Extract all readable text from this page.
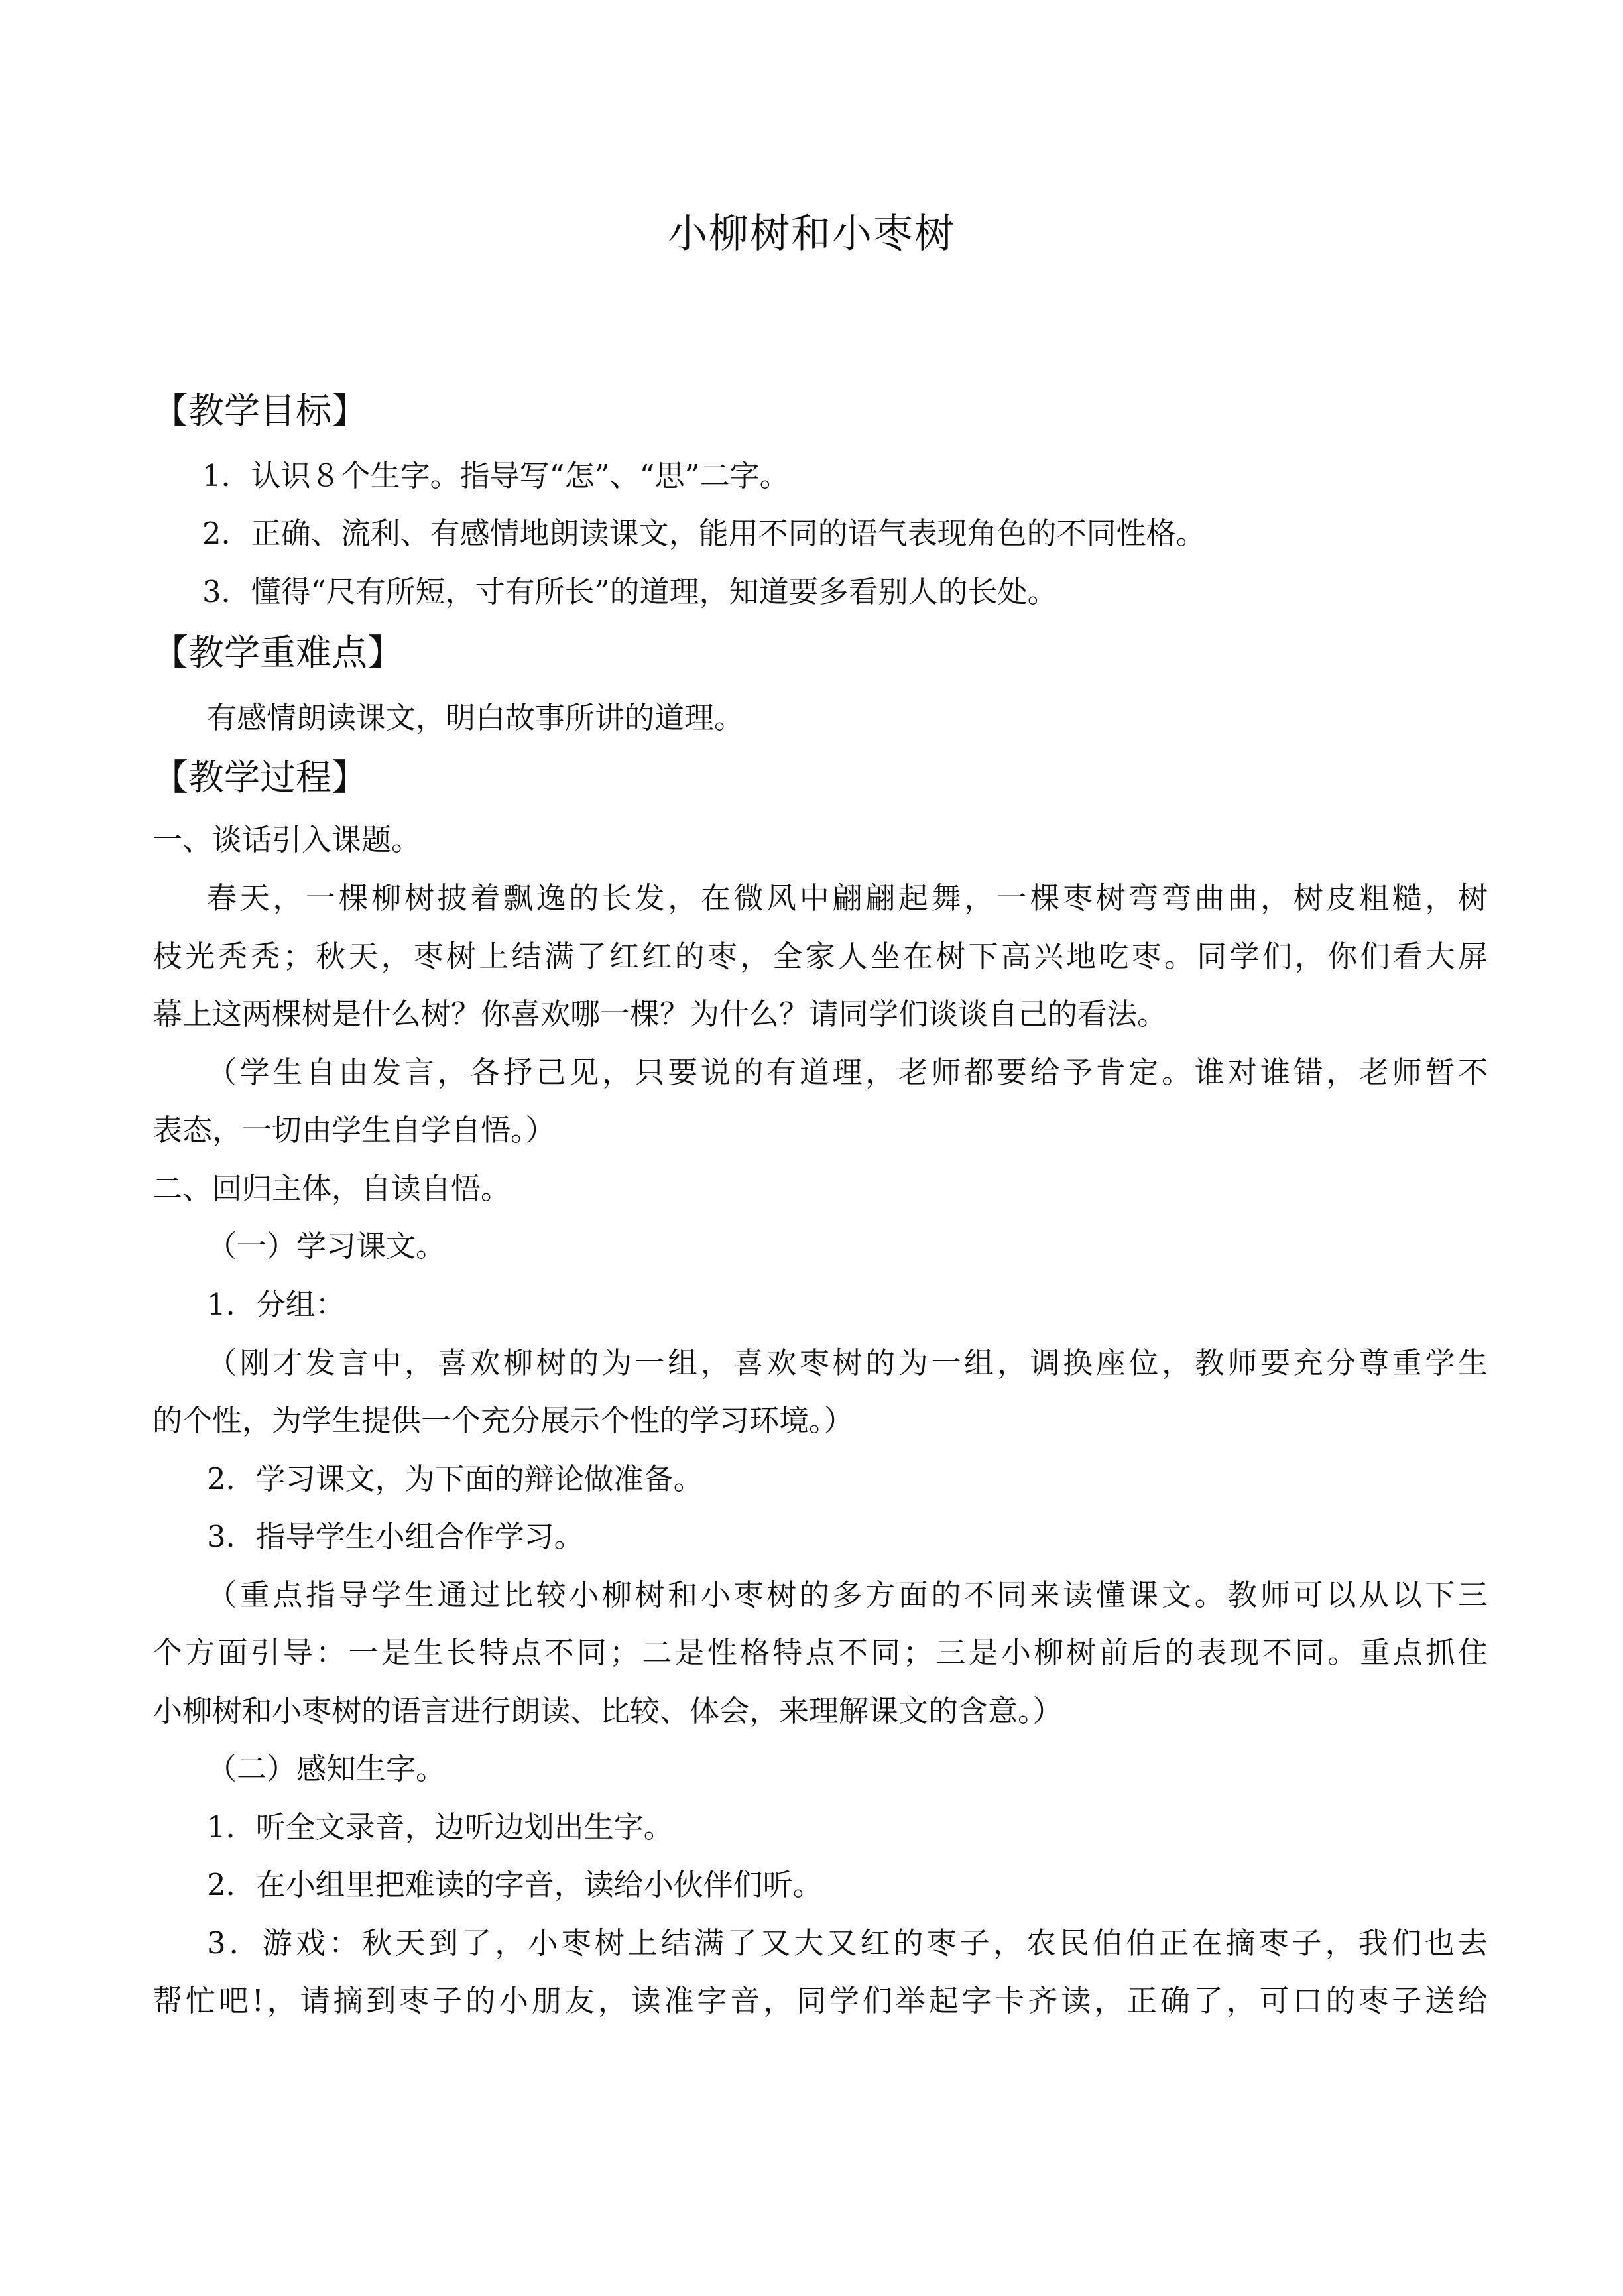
小柳树和小枣树
【教学目标】
1．认识８个生字。指导写“怎”、“思”二字。
2．正确、流利、有感情地朗读课文，能用不同的语气表现角色的不同性格。
3．懂得“尺有所短，寸有所长”的道理，知道要多看别人的长处。
【教学重难点】
有感情朗读课文，明白故事所讲的道理。
【教学过程】
一、谈话引入课题。
春天，一棵柳树披着飘逸的长发，在微风中翩翩起舞，一棵枣树弯弯曲曲，树皮粗糙，树
枝光秃秃；秋天，枣树上结满了红红的枣，全家人坐在树下高兴地吃枣。同学们，你们看大屏
幕上这两棵树是什么树？你喜欢哪一棵？为什么？请同学们谈谈自己的看法。
（学生自由发言，各抒己见，只要说的有道理，老师都要给予肯定。谁对谁错，老师暂不
表态，一切由学生自学自悟。）
二、回归主体，自读自悟。
（一）学习课文。
1．分组：
（刚才发言中，喜欢柳树的为一组，喜欢枣树的为一组，调换座位，教师要充分尊重学生
的个性，为学生提供一个充分展示个性的学习环境。）
2．学习课文，为下面的辩论做准备。
3．指导学生小组合作学习。
（重点指导学生通过比较小柳树和小枣树的多方面的不同来读懂课文。教师可以从以下三
个方面引导：一是生长特点不同；二是性格特点不同；三是小柳树前后的表现不同。重点抓住
小柳树和小枣树的语言进行朗读、比较、体会，来理解课文的含意。）
（二）感知生字。
1．听全文录音，边听边划出生字。
2．在小组里把难读的字音，读给小伙伴们听。
3．游戏：秋天到了，小枣树上结满了又大又红的枣子，农民伯伯正在摘枣子，我们也去
帮忙吧!，请摘到枣子的小朋友，读准字音，同学们举起字卡齐读，正确了，可口的枣子送给
